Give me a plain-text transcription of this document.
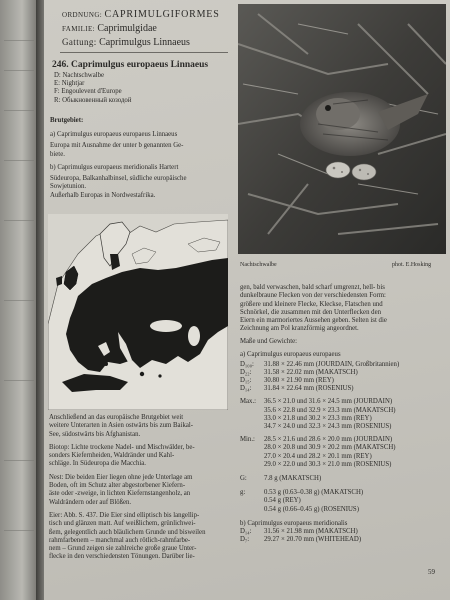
ORDNUNG: CAPRIMULGIFORMES
FAMILIE: Caprimulgidae
Gattung: Caprimulgus Linnaeus
246. Caprimulgus europaeus Linnaeus
D: Nachtschwalbe
E: Nightjar
F: Engoulevent d'Europe
R: Обыкновенный козодой
Brutgebiet:
a) Caprimulgus europaeus europaeus Linnaeus
Europa mit Ausnahme der unter b genannten Ge-
biete.
b) Caprimulgus europaeus meridionalis Hartert
Südeuropa, Balkanhalbinsel, südliche europäische
Sowjetunion.
Außerhalb Europas in Nordwestafrika.
Anschließend an das europäische Brutgebiet weit
weitere Unterarten in Asien ostwärts bis zum Baikal-
See, südostwärts bis Afghanistan.
Biotop: Lichte trockene Nadel- und Mischwälder, be-
sonders Kiefernheiden, Waldränder und Kahl-
schläge. In Südeuropa die Macchia.
Nest: Die beiden Eier liegen ohne jede Unterlage am
Boden, oft im Schutz alter abgestorbener Kiefern-
äste oder -zweige, in lichten Kiefernstangenholz, an
Waldrändern oder auf Blößen.
Eier: Abb. S. 437. Die Eier sind elliptisch bis langellip-
tisch und glänzen matt. Auf weißlichem, grünlichwei-
ßem, gelegentlich auch bläulichem Grunde und bisweilen
rahmfarbenem – manchmal auch rötlich-rahmfarbe-
nem – Grund zeigen sie zahlreiche große graue Unter-
flecke in den verschiedensten Tönungen. Darüber lie-
Nachtschwalbe	phot. E.Hosking
gen, bald verwaschen, bald scharf umgrenzt, hell- bis
dunkelbraune Flecken von der verschiedensten Form:
größere und kleinere Flecke, Kleckse, Flatschen und
Schnörkel, die zusammen mit den Unterflecken den
Eiern ein marmoriertes Aussehen geben. Selten ist die
Zeichnung am Pol kranzförmig angeordnet.
Maße und Gewichte:
a) Caprimulgus europaeus europaeus
D₁₀₀: 31.88 × 22.46 mm (JOURDAIN, Großbritannien)
D₂₂: 31.58 × 22.02 mm (MAKATSCH)
D₁₅: 30.80 × 21.90 mm (REY)
D₁₄: 31.84 × 22.64 mm (ROSENIUS)
Max.: 36.5 × 21.0 und 31.6 × 24.5 mm (JOURDAIN)
35.6 × 22.8 und 32.9 × 23.3 mm (MAKATSCH)
33.0 × 21.8 und 30.2 × 23.3 mm (REY)
34.7 × 24.0 und 32.3 × 24.3 mm (ROSENIUS)
Min.: 28.5 × 21.6 und 28.6 × 20.0 mm (JOURDAIN)
28.0 × 20.8 und 30.9 × 20.2 mm (MAKATSCH)
27.0 × 20.4 und 28.2 × 20.1 mm (REY)
29.0 × 22.0 und 30.3 × 21.0 mm (ROSENIUS)
G:	7.8 g (MAKATSCH)
g:	0.53 g (0.63–0.38 g) (MAKATSCH)
0.54 g (REY)
0.54 g (0.66–0.45 g) (ROSENIUS)
b) Caprimulgus europaeus meridionalis
D₁₄: 31.56 × 21.98 mm (MAKATSCH)
D₇: 29.27 × 20.70 mm (WHITEHEAD)
59
